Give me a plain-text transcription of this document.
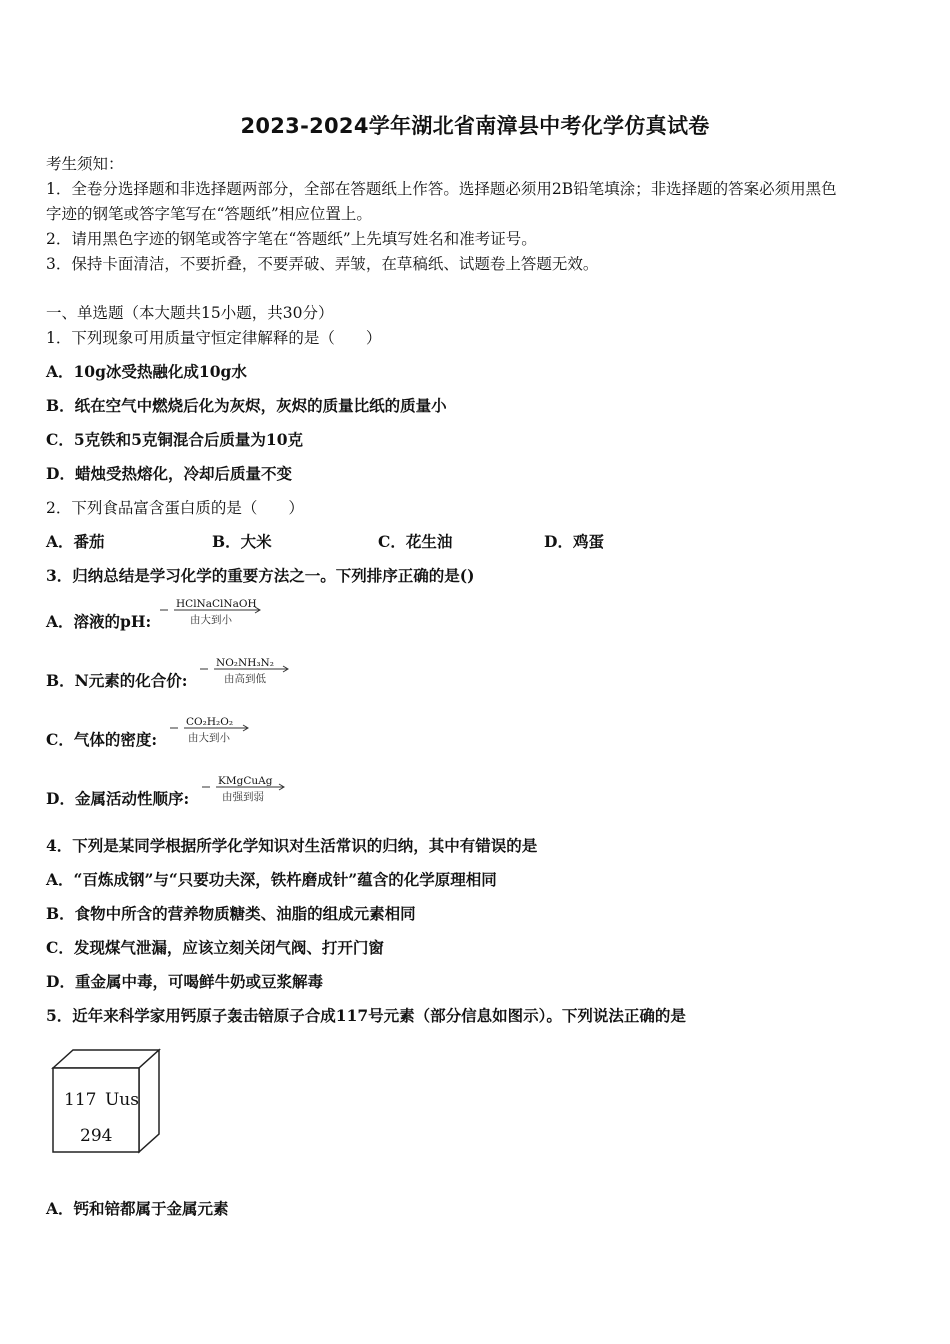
2023-2024学年湖北省南漳县中考化学仿真试卷
考生须知：
1．全卷分选择题和非选择题两部分，全部在答题纸上作答。选择题必须用2B铅笔填涂；非选择题的答案必须用黑色
字迹的钢笔或答字笔写在“答题纸”相应位置上。
2．请用黑色字迹的钢笔或答字笔在“答题纸”上先填写姓名和准考证号。
3．保持卡面清洁，不要折叠，不要弄破、弄皱，在草稿纸、试题卷上答题无效。
一、单选题（本大题共15小题，共30分）
1．下列现象可用质量守恒定律解释的是（　　）
A．10g冰受热融化成10g水
B．纸在空气中燃烧后化为灰烬，灰烬的质量比纸的质量小
C．5克铁和5克铜混合后质量为10克
D．蜡烛受热熔化，冷却后质量不变
2．下列食品富含蛋白质的是（　　）
A．番茄	B．大米	C．花生油	D．鸡蛋
3．归纳总结是学习化学的重要方法之一。下列排序正确的是()
A．溶液的pH:
HClNaClNaOH
由大到小
B．N元素的化合价:
NO₂NH₃N₂
由高到低
C．气体的密度:
CO₂H₂O₂
由大到小
D．金属活动性顺序:
KMgCuAg
由强到弱
4．下列是某同学根据所学化学知识对生活常识的归纳，其中有错误的是
A．“百炼成钢”与“只要功夫深，铁杵磨成针”蕴含的化学原理相同
B．食物中所含的营养物质糖类、油脂的组成元素相同
C．发现煤气泄漏，应该立刻关闭气阀、打开门窗
D．重金属中毒，可喝鲜牛奶或豆浆解毒
5．近年来科学家用钙原子轰击锫原子合成117号元素（部分信息如图示）。下列说法正确的是
117  Uus
294
A．钙和锫都属于金属元素
